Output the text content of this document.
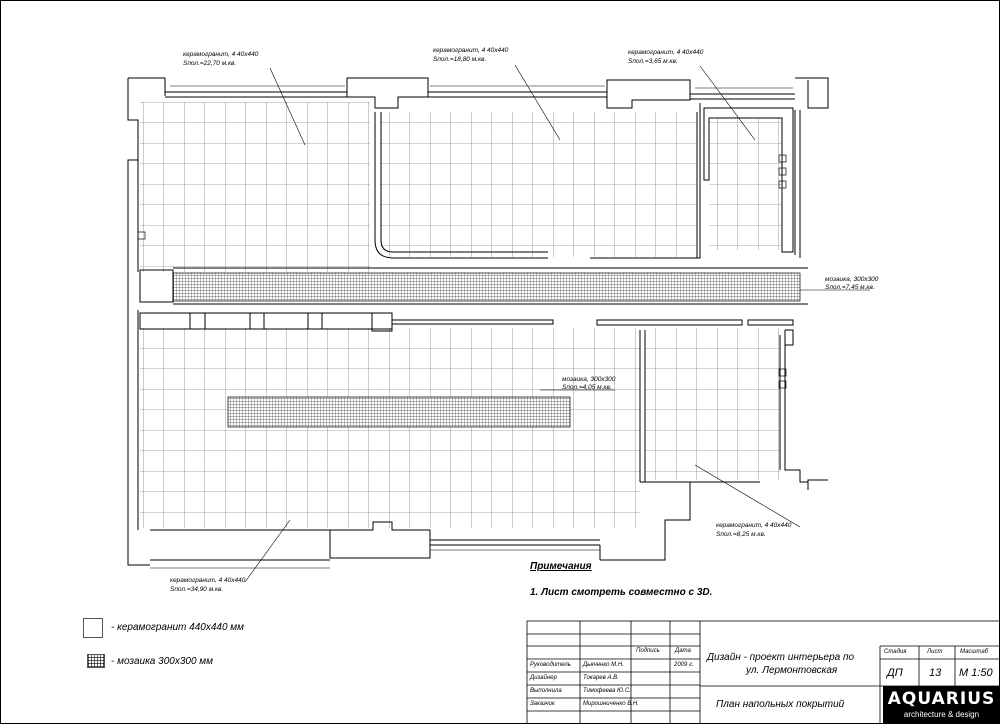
керамогранит, 4 40х440
Sпол.=22,70 м.кв.
керамогранит, 4 40х440
Sпол.=18,80 м.кв.
керамогранит, 4 40х440
Sпол.=3,65 м.кв.
мозаика, 300х300
Sпол.=7,45 м.кв.
мозаика, 300х300
Sпол.=4,05 м.кв.
керамогранит, 4 40х440
Sпол.=8,25 м.кв.
керамогранит, 4 40х440
Sпол.=34,90 м.кв.
Примечания
1. Лист смотреть совместно с 3D.
- керамогранит 440х440 мм
- мозаика 300х300 мм
Подпись	Дата
Руководитель Дьяченко М.Н.	2009 г.
Дизайнер	Токарев А.В.
Выполнила	Тимофеева Ю.С.
Заказчик	Мирошниченко В.Н.
Дизайн - проект интерьера по
ул. Лермонтовская
План напольных покрытий
Стадия	Лист	Масштаб
ДП 13 М 1:50
AQUARIUS
architecture & design
